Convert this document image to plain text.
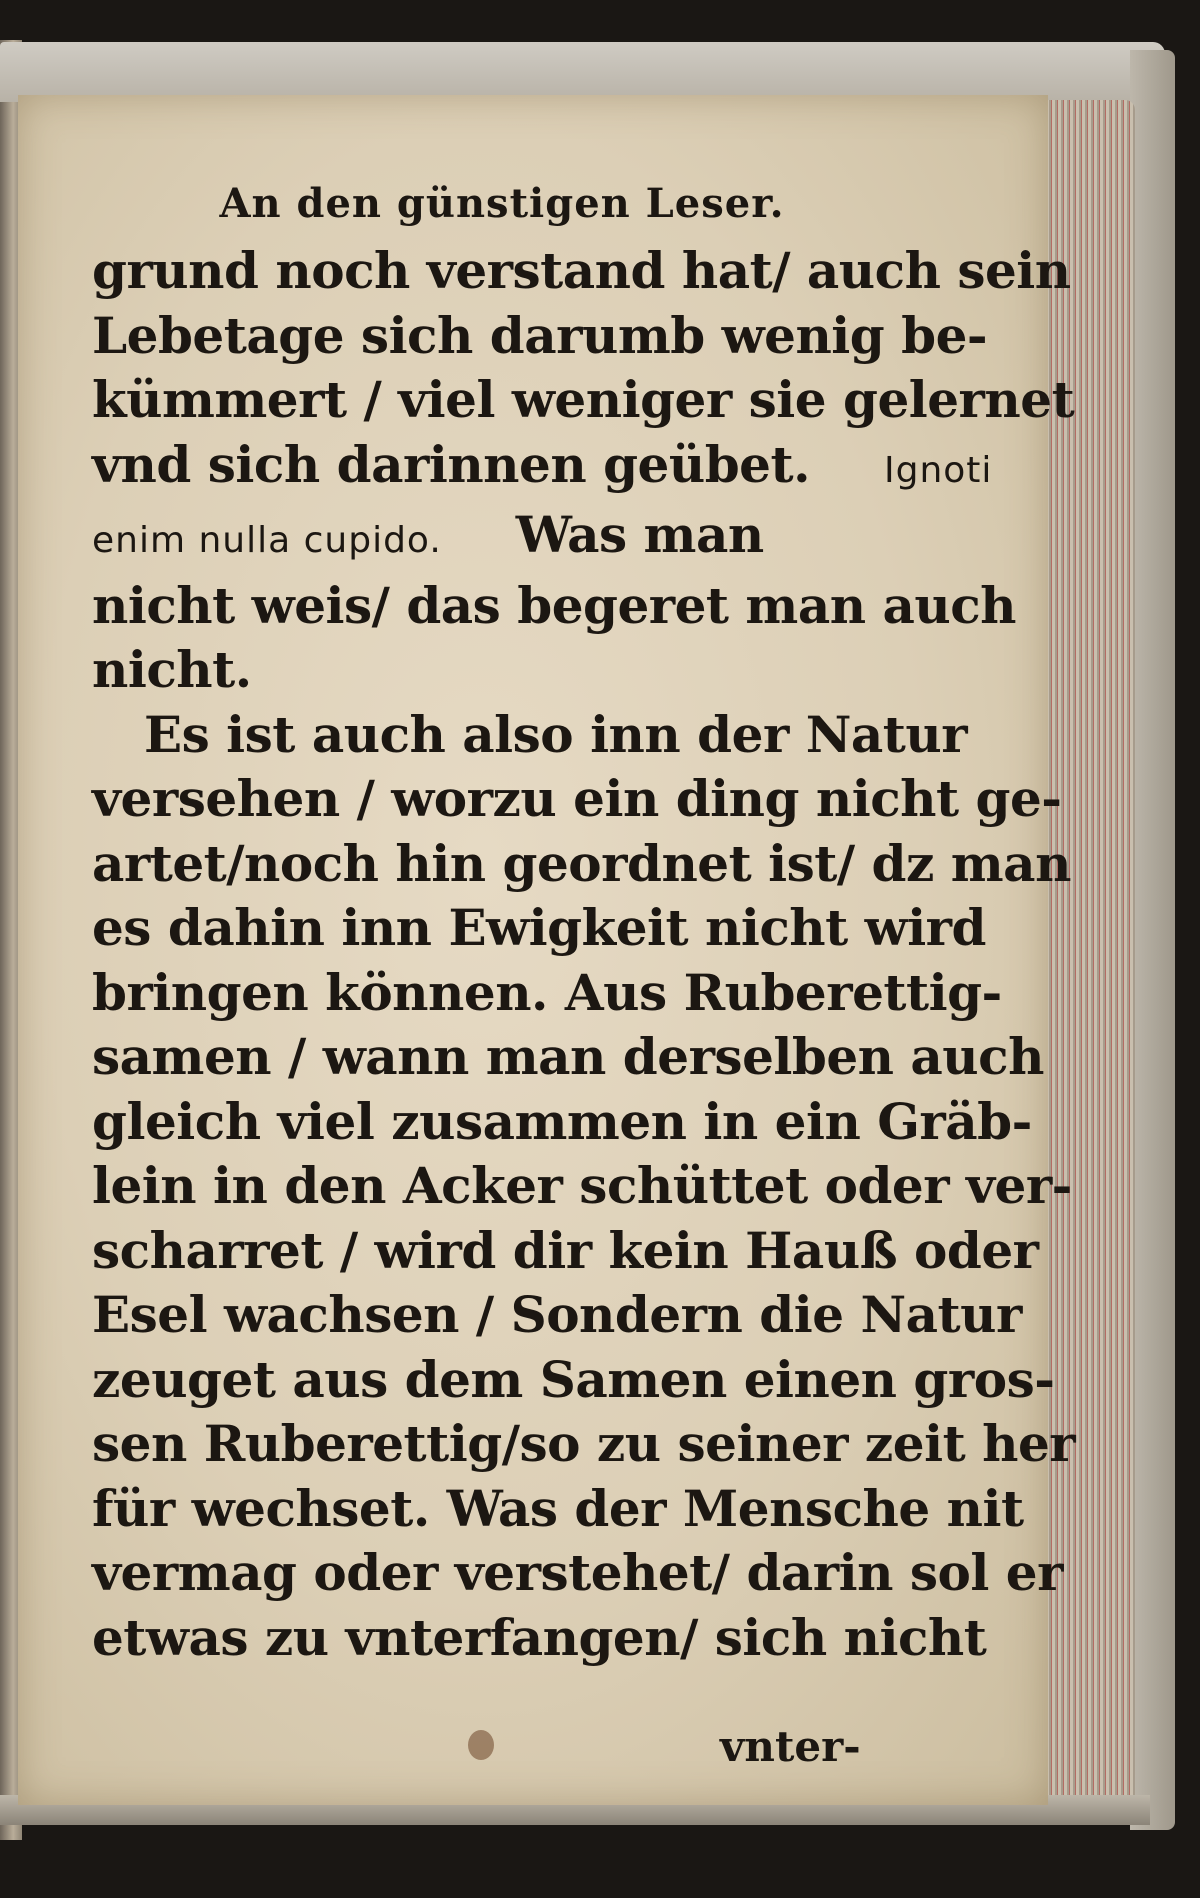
An den günstigen Leser.
grund noch verstand hat/ auch sein
Lebetage sich darumb wenig be-
kümmert / viel weniger sie gelernet
vnd sich darinnen geübet.   Ignoti
enim nulla cupido.   Was man
nicht weis/ das begeret man auch
nicht.
Es ist auch also inn der Natur
versehen / worzu ein ding nicht ge-
artet/noch hin geordnet ist/ dz man
es dahin inn Ewigkeit nicht wird
bringen können. Aus Ruberettig-
samen / wann man derselben auch
gleich viel zusammen in ein Gräb-
lein in den Acker schüttet oder ver-
scharret / wird dir kein Hauß oder
Esel wachsen / Sondern die Natur
zeuget aus dem Samen einen gros-
sen Ruberettig/so zu seiner zeit her
für wechset. Was der Mensche nit
vermag oder verstehet/ darin sol er
etwas zu vnterfangen/ sich nicht
vnter-
